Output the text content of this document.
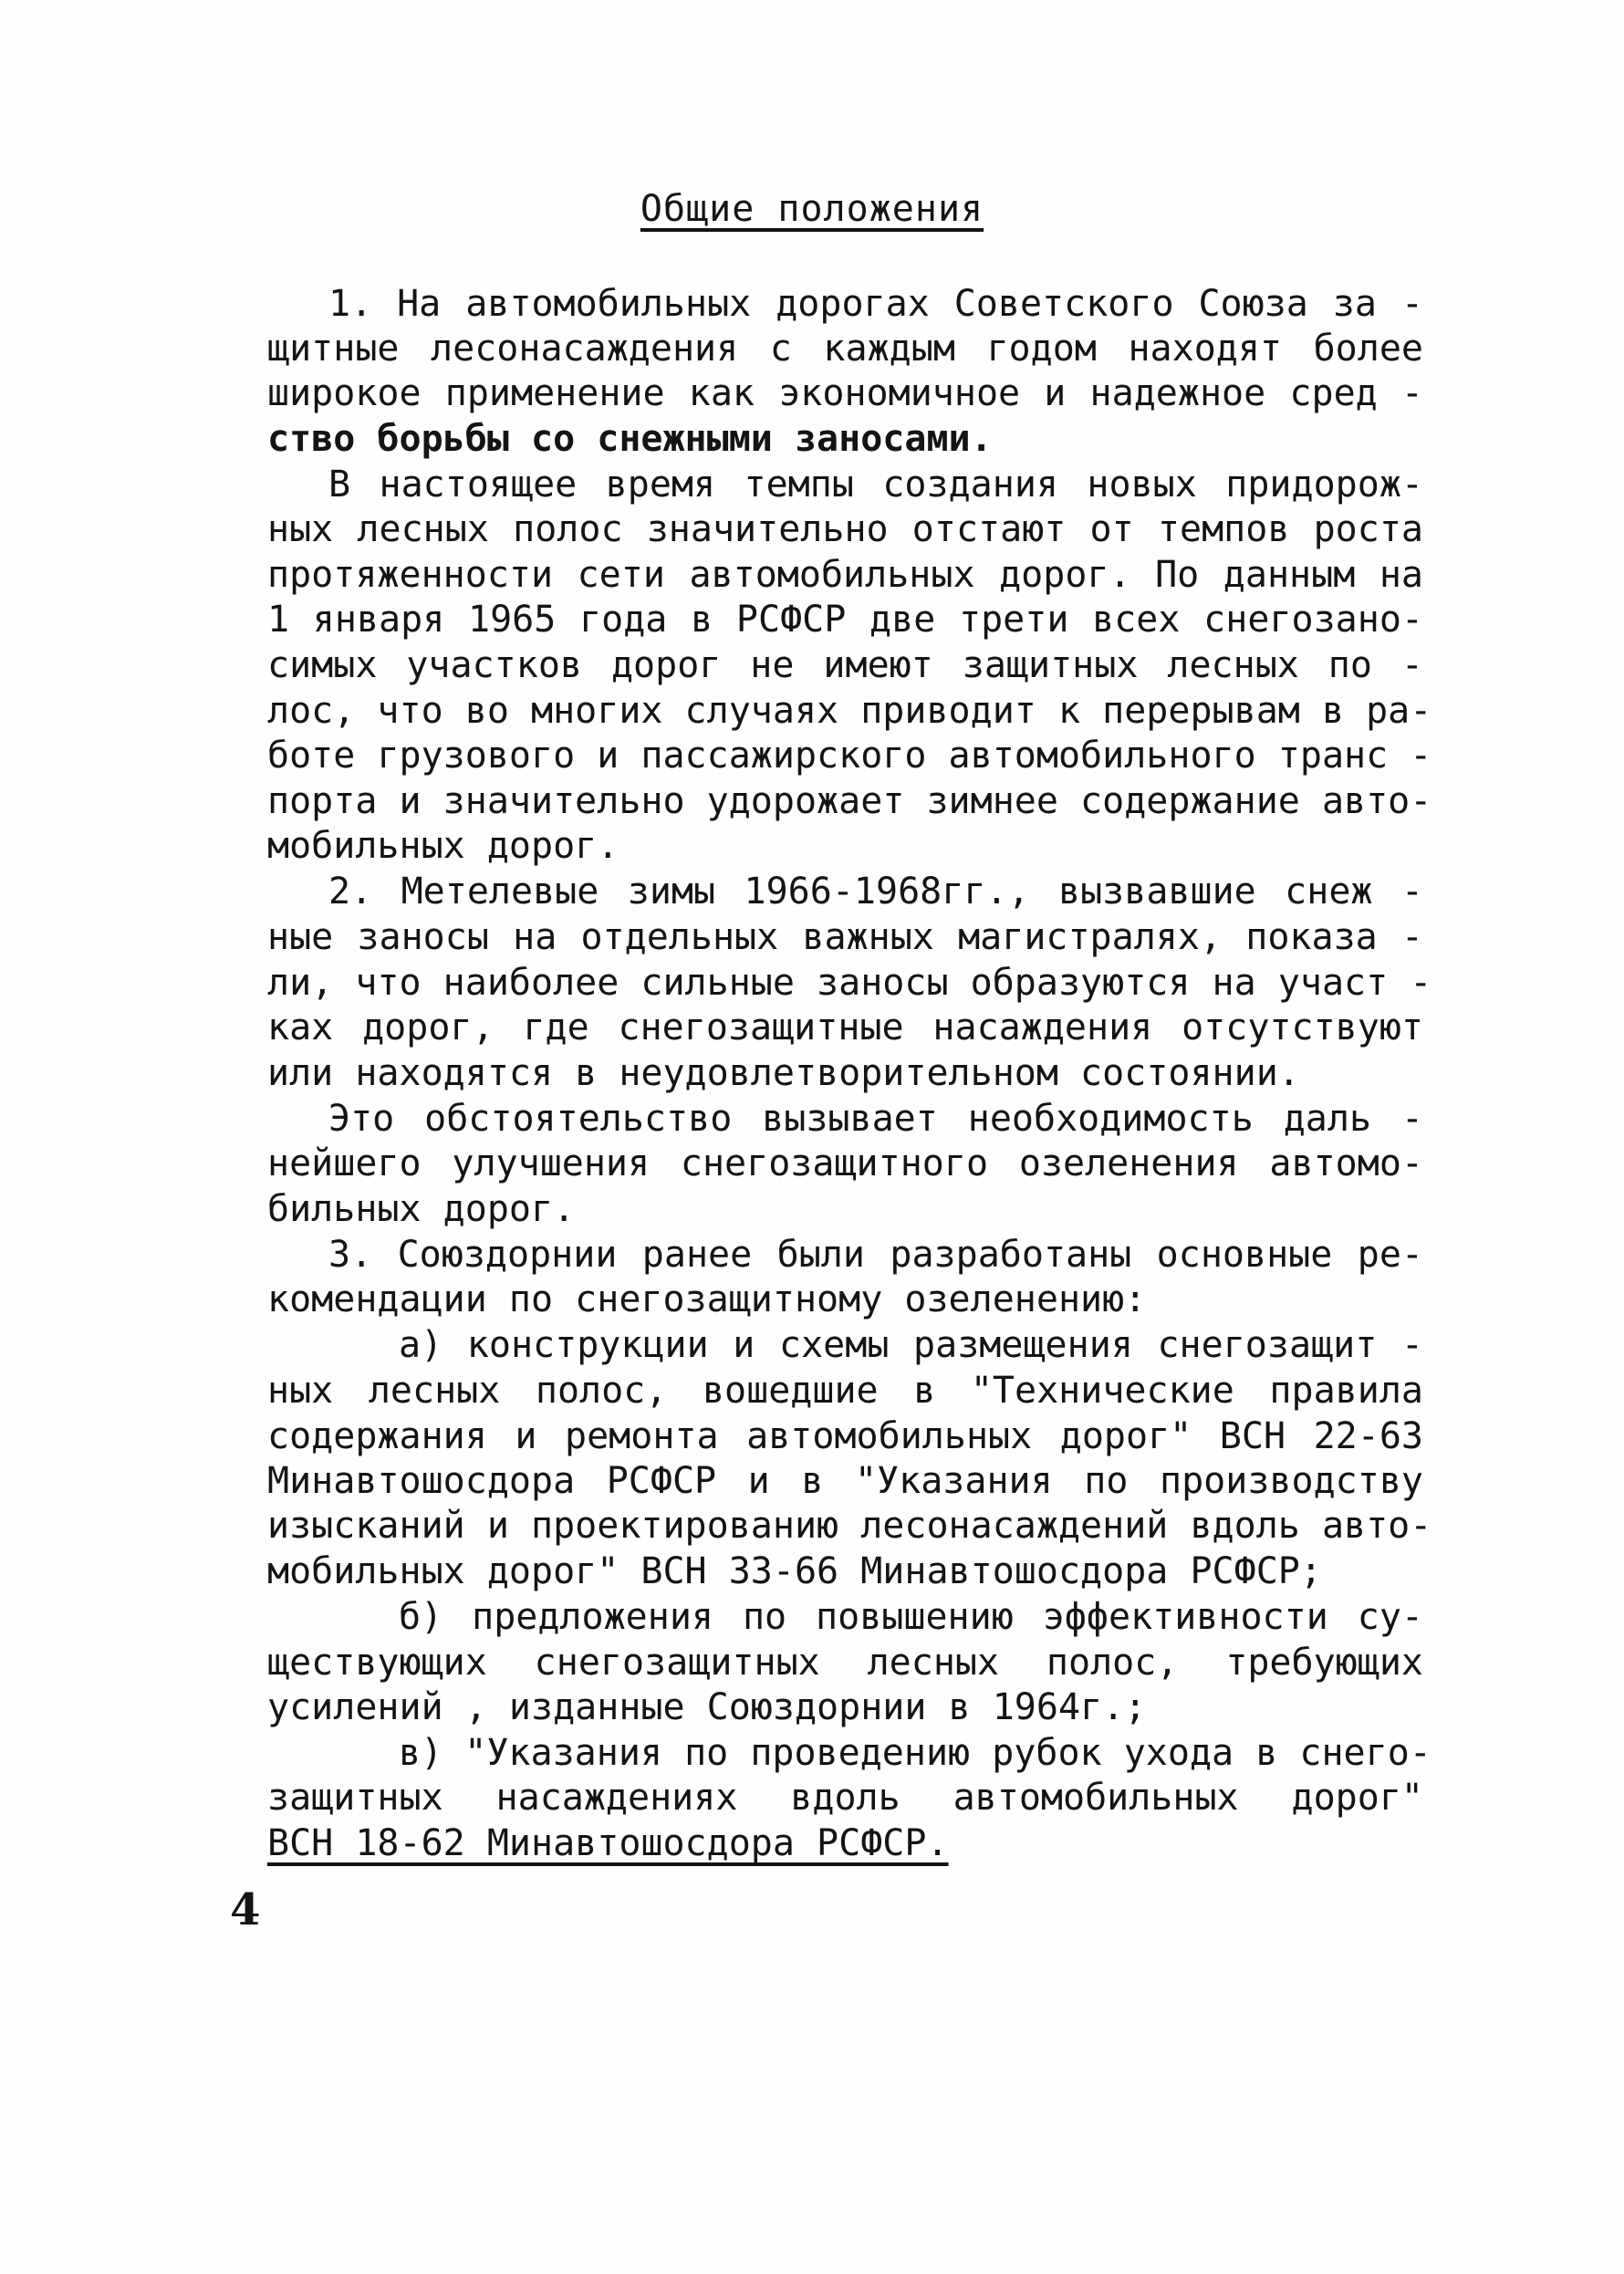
Общие положения
1. На автомобильных дорогах Советского Союза за -
щитные лесонасаждения с каждым годом находят более
широкое применение как экономичное и надежное сред -
ство борьбы со снежными заносами.
В настоящее время темпы создания новых придорож-
ных лесных полос значительно отстают от темпов роста
протяженности сети автомобильных дорог. По данным на
1 января 1965 года в РСФСР две трети всех снегозано-
симых участков дорог не имеют защитных лесных по -
лос, что во многих случаях приводит к перерывам в ра-
боте грузового и пассажирского автомобильного транс -
порта и значительно удорожает зимнее содержание авто-
мобильных дорог.
2. Метелевые зимы 1966-1968гг., вызвавшие снеж -
ные заносы на отдельных важных магистралях, показа -
ли, что наиболее сильные заносы образуются на участ -
ках дорог, где снегозащитные насаждения отсутствуют
или находятся в неудовлетворительном состоянии.
Это обстоятельство вызывает необходимость даль -
нейшего улучшения снегозащитного озеленения автомо-
бильных дорог.
3. Союздорнии ранее были разработаны основные ре-
комендации по снегозащитному озеленению:
а) конструкции и схемы размещения снегозащит -
ных лесных полос, вошедшие в "Технические правила
содержания и ремонта автомобильных дорог" ВСН 22-63
Минавтошосдора РСФСР и в "Указания по производству
изысканий и проектированию лесонасаждений вдоль авто-
мобильных дорог" ВСН 33-66 Минавтошосдора РСФСР;
б) предложения по повышению эффективности су-
ществующих снегозащитных лесных полос, требующих
усилений , изданные Союздорнии в 1964г.;
в) "Указания по проведению рубок ухода в снего-
защитных насаждениях вдоль автомобильных дорог"
ВСН 18-62 Минавтошосдора РСФСР.
4
